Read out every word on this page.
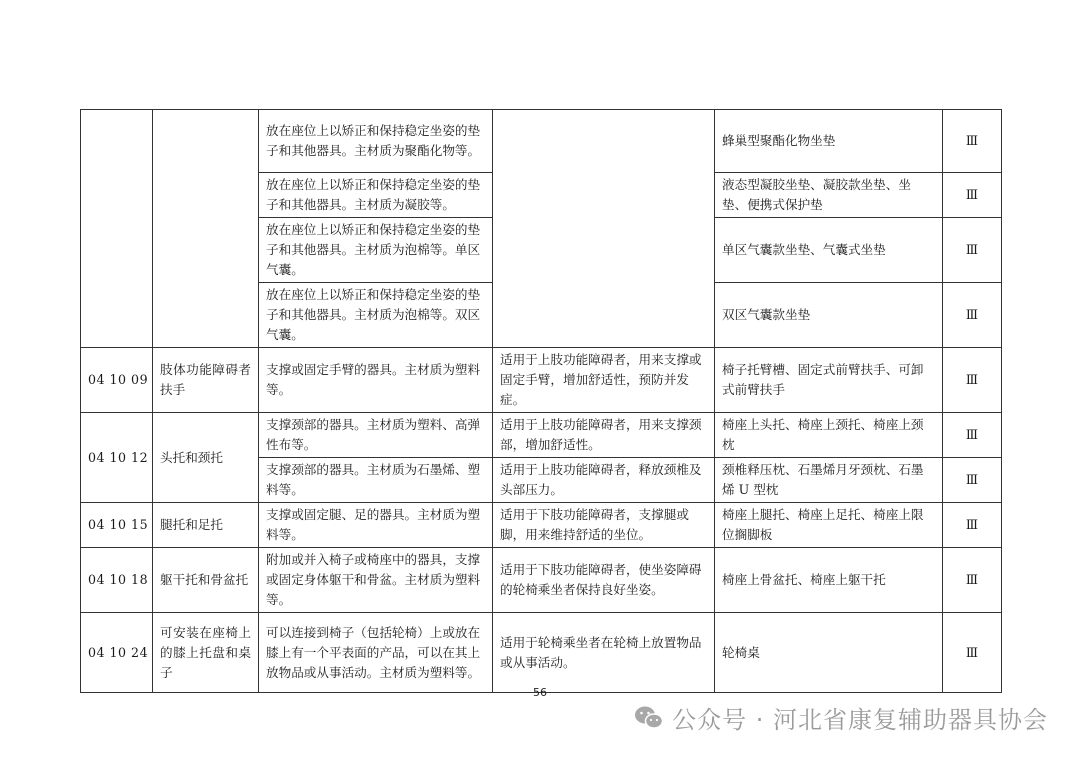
		放在座位上以矫正和保持稳定坐姿的垫子和其他器具。主材质为聚酯化物等。		蜂巢型聚酯化物坐垫	Ⅲ
		放在座位上以矫正和保持稳定坐姿的垫子和其他器具。主材质为凝胶等。		液态型凝胶坐垫、凝胶款坐垫、坐垫、便携式保护垫	Ⅲ
		放在座位上以矫正和保持稳定坐姿的垫子和其他器具。主材质为泡棉等。单区气囊。		单区气囊款坐垫、气囊式坐垫	Ⅲ
		放在座位上以矫正和保持稳定坐姿的垫子和其他器具。主材质为泡棉等。双区气囊。		双区气囊款坐垫	Ⅲ
04 10 09	肢体功能障碍者扶手	支撑或固定手臂的器具。主材质为塑料等。	适用于上肢功能障碍者，用来支撑或固定手臂，增加舒适性，预防并发症。	椅子托臂槽、固定式前臂扶手、可卸式前臂扶手	Ⅲ
04 10 12	头托和颈托	支撑颈部的器具。主材质为塑料、高弹性布等。	适用于上肢功能障碍者，用来支撑颈部，增加舒适性。	椅座上头托、椅座上颈托、椅座上颈枕	Ⅲ
		支撑颈部的器具。主材质为石墨烯、塑料等。	适用于上肢功能障碍者，释放颈椎及头部压力。	颈椎释压枕、石墨烯月牙颈枕、石墨烯 U 型枕	Ⅲ
04 10 15	腿托和足托	支撑或固定腿、足的器具。主材质为塑料等。	适用于下肢功能障碍者，支撑腿或脚，用来维持舒适的坐位。	椅座上腿托、椅座上足托、椅座上限位搁脚板	Ⅲ
04 10 18	躯干托和骨盆托	附加或并入椅子或椅座中的器具，支撑或固定身体躯干和骨盆。主材质为塑料等。	适用于下肢功能障碍者，使坐姿障碍的轮椅乘坐者保持良好坐姿。	椅座上骨盆托、椅座上躯干托	Ⅲ
04 10 24	可安装在座椅上的膝上托盘和桌子	可以连接到椅子（包括轮椅）上或放在膝上有一个平表面的产品，可以在其上放物品或从事活动。主材质为塑料等。	适用于轮椅乘坐者在轮椅上放置物品或从事活动。	轮椅桌	Ⅲ
56
公众号 · 河北省康复辅助器具协会
